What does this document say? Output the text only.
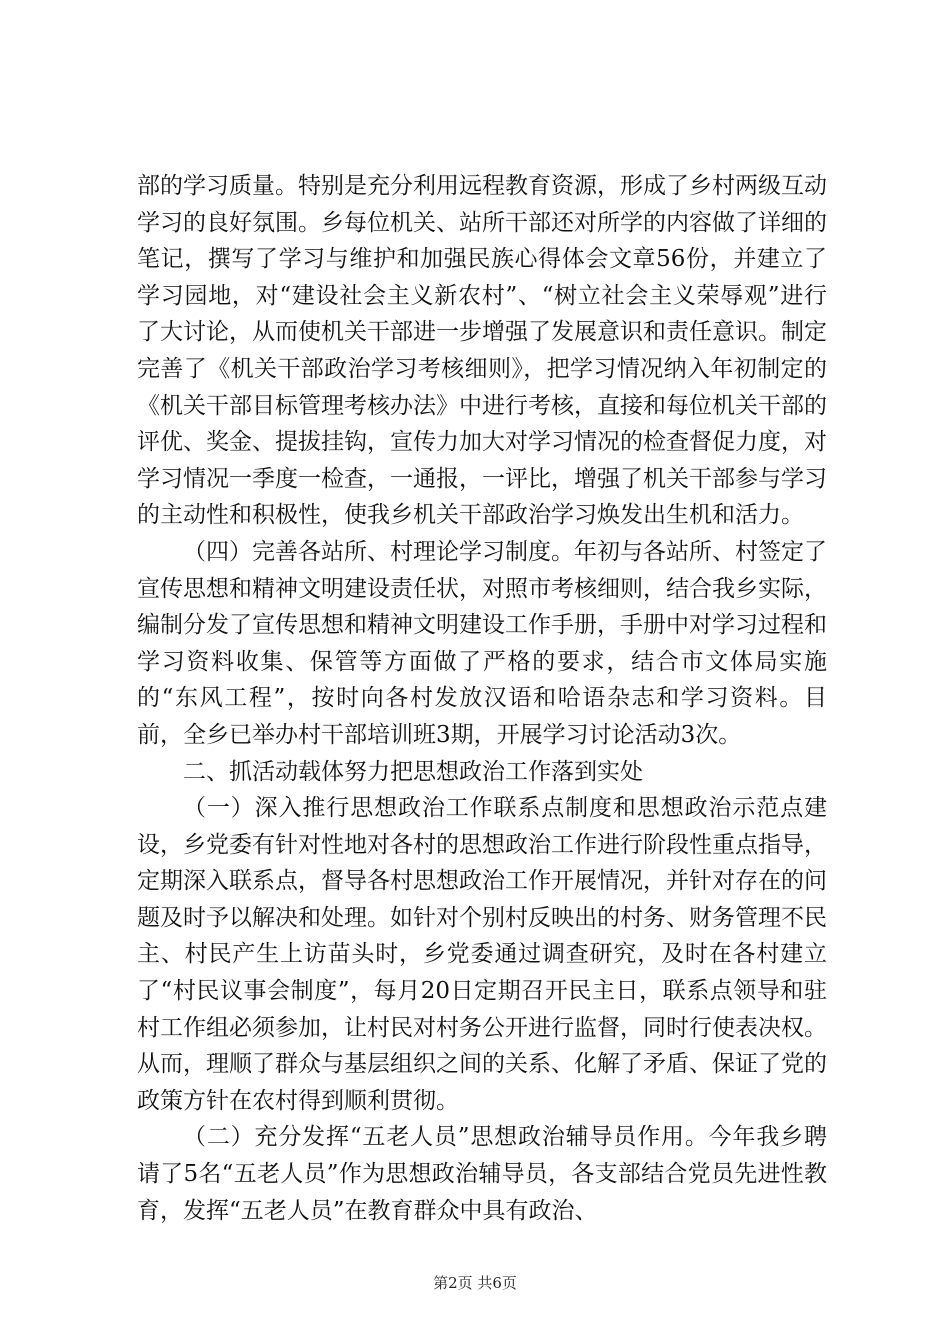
部的学习质量。特别是充分利用远程教育资源，形成了乡村两级互动学习的良好氛围。乡每位机关、站所干部还对所学的内容做了详细的笔记，撰写了学习与维护和加强民族心得体会文章56份，并建立了学习园地，对“建设社会主义新农村”、“树立社会主义荣辱观”进行了大讨论，从而使机关干部进一步增强了发展意识和责任意识。制定完善了《机关干部政治学习考核细则》，把学习情况纳入年初制定的《机关干部目标管理考核办法》中进行考核，直接和每位机关干部的评优、奖金、提拔挂钩，宣传力加大对学习情况的检查督促力度，对学习情况一季度一检查，一通报，一评比，增强了机关干部参与学习的主动性和积极性，使我乡机关干部政治学习焕发出生机和活力。

（四）完善各站所、村理论学习制度。年初与各站所、村签定了宣传思想和精神文明建设责任状，对照市考核细则，结合我乡实际，编制分发了宣传思想和精神文明建设工作手册，手册中对学习过程和学习资料收集、保管等方面做了严格的要求，结合市文体局实施的“东风工程”，按时向各村发放汉语和哈语杂志和学习资料。目前，全乡已举办村干部培训班3期，开展学习讨论活动3次。

二、抓活动载体努力把思想政治工作落到实处

（一）深入推行思想政治工作联系点制度和思想政治示范点建设，乡党委有针对性地对各村的思想政治工作进行阶段性重点指导，定期深入联系点，督导各村思想政治工作开展情况，并针对存在的问题及时予以解决和处理。如针对个别村反映出的村务、财务管理不民主、村民产生上访苗头时，乡党委通过调查研究，及时在各村建立了“村民议事会制度”，每月20日定期召开民主日，联系点领导和驻村工作组必须参加，让村民对村务公开进行监督，同时行使表决权。从而，理顺了群众与基层组织之间的关系、化解了矛盾、保证了党的政策方针在农村得到顺利贯彻。

（二）充分发挥“五老人员”思想政治辅导员作用。今年我乡聘请了5名“五老人员”作为思想政治辅导员，各支部结合党员先进性教育，发挥“五老人员”在教育群众中具有政治、

第2页 共6页
